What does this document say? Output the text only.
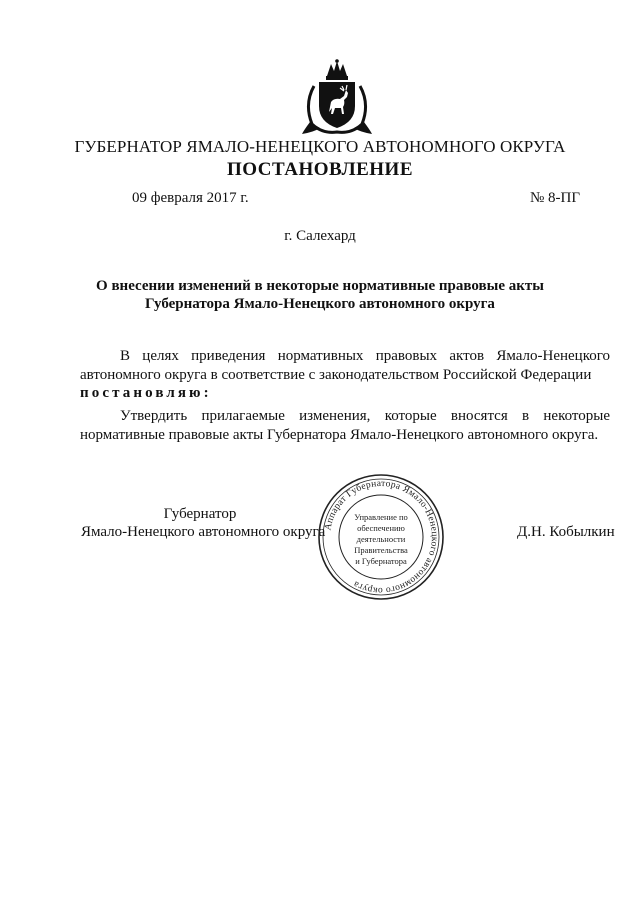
ГУБЕРНАТОР ЯМАЛО-НЕНЕЦКОГО АВТОНОМНОГО ОКРУГА
ПОСТАНОВЛЕНИЕ
09 февраля 2017 г.	№ 8-ПГ
г. Салехард
О внесении изменений в некоторые нормативные правовые акты
Губернатора Ямало-Ненецкого автономного округа
В целях приведения нормативных правовых актов Ямало-Ненецкого автономного округа в соответствие с законодательством Российской Федерации
постановляю:
Утвердить прилагаемые изменения, которые вносятся в некоторые нормативные правовые акты Губернатора Ямало-Ненецкого автономного округа.
Губернатор
Ямало-Ненецкого автономного округа	Д.Н. Кобылкин
Аппарат Губернатора Ямало-Ненецкого автономного округа
Управление по
обеспечению
деятельности
Правительства
и Губернатора
